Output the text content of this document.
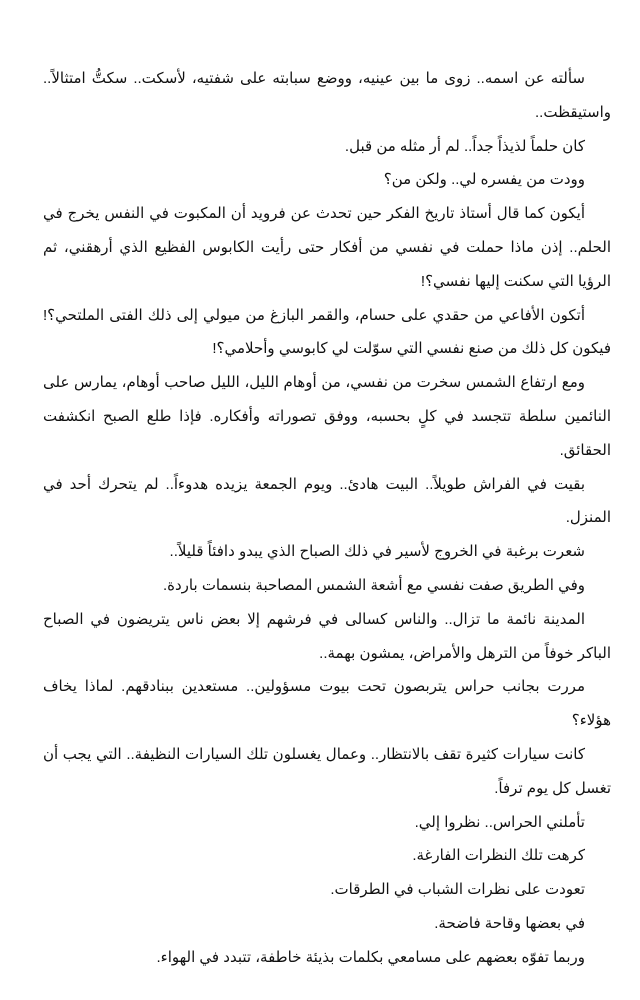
سألته عن اسمه.. زوى ما بين عينيه، ووضع سبابته على شفتيه، لأسكت.. سكتُّ امتثالاً.. واستيقظت..

كان حلماً لذيذاً جداً.. لم أر مثله من قبل.

وودت من يفسره لي.. ولكن من؟

أيكون كما قال أستاذ تاريخ الفكر حين تحدث عن فرويد أن المكبوت في النفس يخرج في الحلم.. إذن ماذا حملت في نفسي من أفكار حتى رأيت الكابوس الفظيع الذي أرهقني، ثم الرؤيا التي سكنت إليها نفسي؟!

أتكون الأفاعي من حقدي على حسام، والقمر البازغ من ميولي إلى ذلك الفتى الملتحي؟! فيكون كل ذلك من صنع نفسي التي سوّلت لي كابوسي وأحلامي؟!

ومع ارتفاع الشمس سخرت من نفسي، من أوهام الليل، الليل صاحب أوهام، يمارس على النائمين سلطة تتجسد في كلٍ بحسبه، ووفق تصوراته وأفكاره. فإذا طلع الصبح انكشفت الحقائق.

بقيت في الفراش طويلاً.. البيت هادئ.. ويوم الجمعة يزيده هدوءاً.. لم يتحرك أحد في المنزل.

شعرت برغبة في الخروج لأسير في ذلك الصباح الذي يبدو دافئاً قليلاً..

وفي الطريق صفت نفسي مع أشعة الشمس المصاحبة بنسمات باردة.

المدينة نائمة ما تزال.. والناس كسالى في فرشهم إلا بعض ناس يتريضون في الصباح الباكر خوفاً من الترهل والأمراض، يمشون بهمة..

مررت بجانب حراس يتربصون تحت بيوت مسؤولين.. مستعدين ببنادقهم. لماذا يخاف هؤلاء؟

كانت سيارات كثيرة تقف بالانتظار.. وعمال يغسلون تلك السيارات النظيفة.. التي يجب أن تغسل كل يوم ترفاً.

تأملني الحراس.. نظروا إلي.

كرهت تلك النظرات الفارغة.

تعودت على نظرات الشباب في الطرقات.

في بعضها وقاحة فاضحة.

وربما تفوّه بعضهم على مسامعي بكلمات بذيئة خاطفة، تتبدد في الهواء.
